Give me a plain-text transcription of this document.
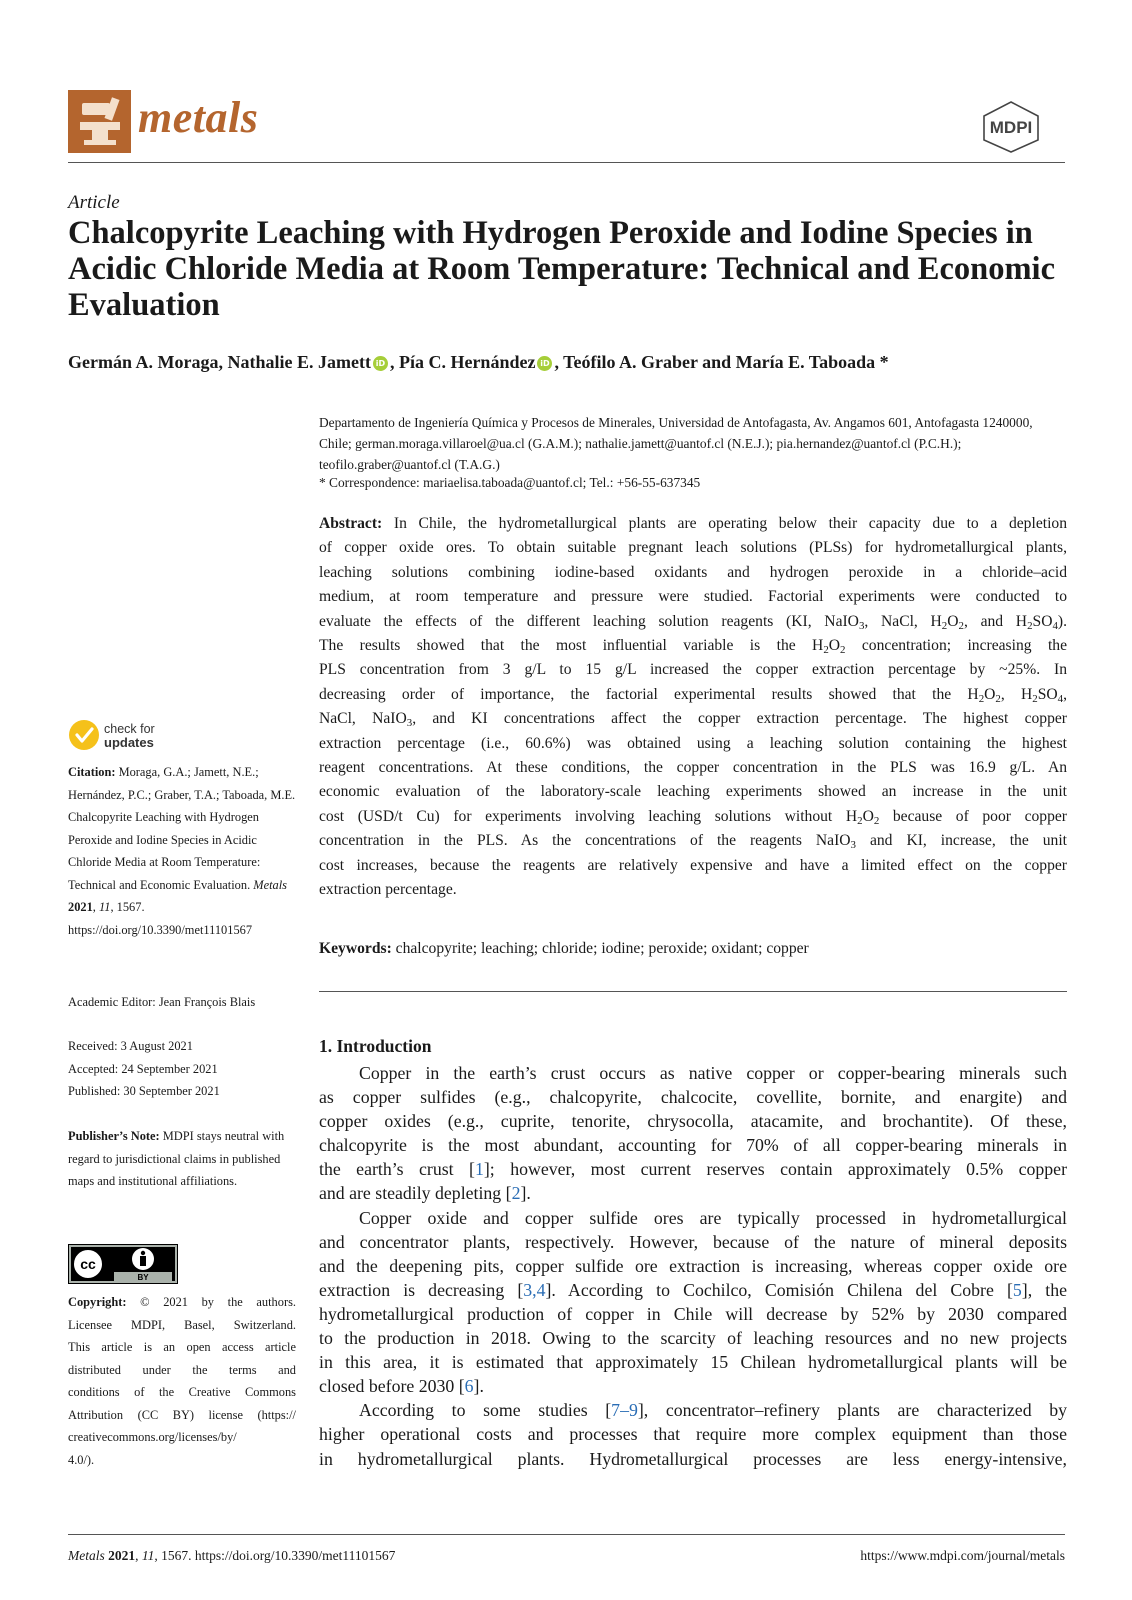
metals	MDPI
Article
Chalcopyrite Leaching with Hydrogen Peroxide and Iodine Species in Acidic Chloride Media at Room Temperature: Technical and Economic Evaluation
Germán A. Moraga, Nathalie E. Jamett iD , Pía C. Hernández iD , Teófilo A. Graber and María E. Taboada *
Departamento de Ingeniería Química y Procesos de Minerales, Universidad de Antofagasta, Av. Angamos 601, Antofagasta 1240000, Chile; german.moraga.villaroel@ua.cl (G.A.M.); nathalie.jamett@uantof.cl (N.E.J.); pia.hernandez@uantof.cl (P.C.H.); teofilo.graber@uantof.cl (T.A.G.)
* Correspondence: mariaelisa.taboada@uantof.cl; Tel.: +56-55-637345
Abstract: In Chile, the hydrometallurgical plants are operating below their capacity due to a depletion
of copper oxide ores. To obtain suitable pregnant leach solutions (PLSs) for hydrometallurgical plants,
leaching solutions combining iodine-based oxidants and hydrogen peroxide in a chloride–acid
medium, at room temperature and pressure were studied. Factorial experiments were conducted to
evaluate the effects of the different leaching solution reagents (KI, NaIO$_3$, NaCl, $H_2O_2$, and $H_2SO_4$).
The results showed that the most influential variable is the $H_2O_2$ concentration; increasing the
PLS concentration from 3 g/L to 15 g/L increased the copper extraction percentage by ~25%. In
decreasing order of importance, the factorial experimental results showed that the $H_2O_2$, $H_2SO_4$,
NaCl, NaIO$_3$, and KI concentrations affect the copper extraction percentage. The highest copper
extraction percentage (i.e., 60.6%) was obtained using a leaching solution containing the highest
reagent concentrations. At these conditions, the copper concentration in the PLS was 16.9 g/L. An
economic evaluation of the laboratory-scale leaching experiments showed an increase in the unit
cost (USD/t Cu) for experiments involving leaching solutions without $H_2O_2$ because of poor copper
concentration in the PLS. As the concentrations of the reagents NaIO$_3$ and KI, increase, the unit
cost increases, because the reagents are relatively expensive and have a limited effect on the copper
extraction percentage.
Keywords: chalcopyrite; leaching; chloride; iodine; peroxide; oxidant; copper
1. Introduction
Copper in the earth’s crust occurs as native copper or copper-bearing minerals such
as copper sulfides (e.g., chalcopyrite, chalcocite, covellite, bornite, and enargite) and
copper oxides (e.g., cuprite, tenorite, chrysocolla, atacamite, and brochantite). Of these,
chalcopyrite is the most abundant, accounting for 70% of all copper-bearing minerals in
the earth’s crust [1]; however, most current reserves contain approximately 0.5% copper
and are steadily depleting [2].
Copper oxide and copper sulfide ores are typically processed in hydrometallurgical
and concentrator plants, respectively. However, because of the nature of mineral deposits
and the deepening pits, copper sulfide ore extraction is increasing, whereas copper oxide ore
extraction is decreasing [3,4]. According to Cochilco, Comisión Chilena del Cobre [5], the
hydrometallurgical production of copper in Chile will decrease by 52% by 2030 compared
to the production in 2018. Owing to the scarcity of leaching resources and no new projects
in this area, it is estimated that approximately 15 Chilean hydrometallurgical plants will be
closed before 2030 [6].
According to some studies [7–9], concentrator–refinery plants are characterized by
higher operational costs and processes that require more complex equipment than those
in hydrometallurgical plants. Hydrometallurgical processes are less energy-intensive,
check for
updates
Citation: Moraga, G.A.; Jamett, N.E.; Hernández, P.C.; Graber, T.A.; Taboada, M.E. Chalcopyrite Leaching with Hydrogen Peroxide and Iodine Species in Acidic Chloride Media at Room Temperature: Technical and Economic Evaluation. Metals 2021, 11, 1567. https://doi.org/10.3390/met11101567
Academic Editor: Jean François Blais
Received: 3 August 2021
Accepted: 24 September 2021
Published: 30 September 2021
Publisher’s Note: MDPI stays neutral with regard to jurisdictional claims in published maps and institutional affiliations.
cc
BY
Copyright: © 2021 by the authors.
Licensee MDPI, Basel, Switzerland.
This article is an open access article
distributed under the terms and
conditions of the Creative Commons
Attribution (CC BY) license (https://
creativecommons.org/licenses/by/
4.0/).
Metals 2021, 11, 1567. https://doi.org/10.3390/met11101567	https://www.mdpi.com/journal/metals
